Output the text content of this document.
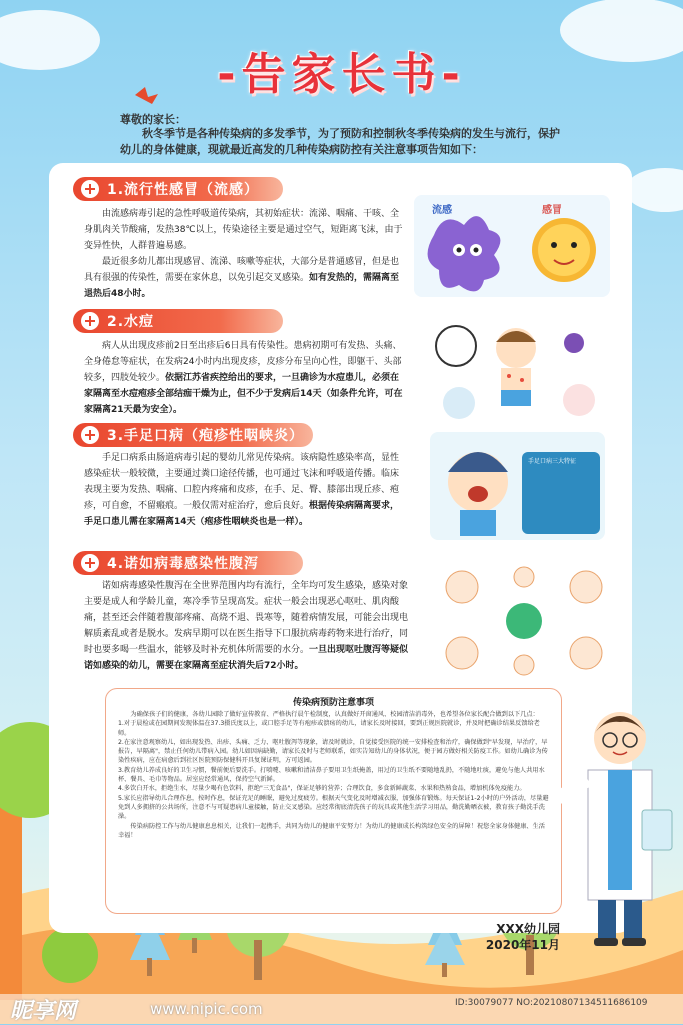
-告家长书-
尊敬的家长：
秋冬季节是各种传染病的多发季节，为了预防和控制秋冬季传染病的发生与流行，保护幼儿的身体健康，现就最近高发的几种传染病防控有关注意事项告知如下：
1.流行性感冒（流感）
由流感病毒引起的急性呼吸道传染病，其初始症状：流涕、咽痛、干咳、全身肌肉关节酸痛，发热38℃以上，传染途径主要是通过空气，短距离飞沫，由于变异性快，人群普遍易感。
最近很多幼儿都出现感冒、流涕、咳嗽等症状，大部分是普通感冒，但是也具有很强的传染性，需要在家休息，以免引起交叉感染。如有发热的，需隔离至退热后48小时。
流感	感冒
2.水痘
病人从出现皮疹前2日至出疹后6日具有传染性。患病初期可有发热、头痛、全身倦怠等症状，在发病24小时内出现皮疹，皮疹分布呈向心性，即躯干、头部较多，四肢处较少。依据江苏省疾控给出的要求，一旦确诊为水痘患儿，必须在家隔离至水痘疱疹全部结痂干燥为止，但不少于发病后14天（如条件允许，可在家隔离21天最为安全）。
3.手足口病（疱疹性咽峡炎）
手足口病系由肠道病毒引起的婴幼儿常见传染病。该病隐性感染率高，显性感染症状一般较微，主要通过粪口途径传播，也可通过飞沫和呼吸道传播。临床表现主要为发热、咽痛、口腔内疼痛和皮疹，在手、足、臀、膝部出现丘疹、疱疹，可自愈，不留瘢痕。一般仅需对症治疗，愈后良好。根据传染病隔离要求，手足口患儿需在家隔离14天（疱疹性咽峡炎也是一样）。
手足口病三大特征
4.诺如病毒感染性腹泻
诺如病毒感染性腹泻在全世界范围内均有流行，全年均可发生感染，感染对象主要是成人和学龄儿童，寒冷季节呈现高发。症状一般会出现恶心呕吐、肌肉酸痛，甚至还会伴随着腹部疼痛、高烧不退、畏寒等，随着病情发展，可能会出现电解质紊乱或者是脱水。发病早期可以在医生指导下口服抗病毒药物来进行治疗，同时也要多喝一些温水，能够及时补充机体所需要的水分。一旦出现呕吐腹泻等疑似诺如感染的幼儿，需要在家隔离至症状消失后72小时。
传染病预防注意事项

为确保孩子们的健康，各幼儿园除了做好宣传教育、严格执行晨午检制度，认真做好开窗通风、校园清洁消毒外，也希望各位家长配合做到以下几点：

1.对于晨检或在园期间发现体温在37.3摄氏度以上，或口腔手足等有疱疹或溃疡的幼儿，请家长及时接回，要到正规医院就诊，并及时把确诊结果反馈给老师。

2.在家注意观察幼儿，如出现发热、出疹、头痛、乏力、呕吐腹泻等现象，请及时就诊，自觉接受医院的统一安排检查和治疗，确保做到"早发现，早治疗，早报告，早隔离"，禁止任何幼儿带病入园。幼儿如因病缺勤，请家长及时与老师联系，如实告知幼儿的身体状况，便于园方做好相关防疫工作。如幼儿确诊为传染性疾病，应在病愈后到社区医院预防保健科开具复课证明，方可返园。

3.教育幼儿养成良好的卫生习惯，餐前便后要洗手。打喷嚏、咳嗽和清洁鼻子要用卫生纸掩盖，用过的卫生纸不要随地乱扔，不随地吐痰，避免与他人共用水杯、餐具、毛巾等物品。居室应经常通风，保持空气新鲜。

4.多饮白开水，拒绝生水，尽量少喝有色饮料，拒绝"三无食品"，保证足够的营养；合理饮食，多食新鲜蔬菜、水果和热熟食品，增加机体免疫能力。

5.家长应指导幼儿合理作息，按时作息，保证充足的睡眠，避免过度疲劳。根据天气变化及时增减衣服，加强体育锻炼。每天保证1-2小时的户外活动，尽量避免到人多拥挤的公共场所，注意不与可疑患病儿童接触，防止交叉感染。应经常彻底清洗孩子的玩具或其他生活学习用品，勤洗勤晒衣被，教育孩子勤洗手洗澡。

传染病防控工作与幼儿健康息息相关，让我们一起携手，共同为幼儿的健康平安努力！为幼儿的健康成长构筑绿色安全的屏障！祝您全家身体健康、生活幸福！

XXX幼儿园
2020年11月
昵享网	www.nipic.com	ID:30079077 NO:20210807134511686109
